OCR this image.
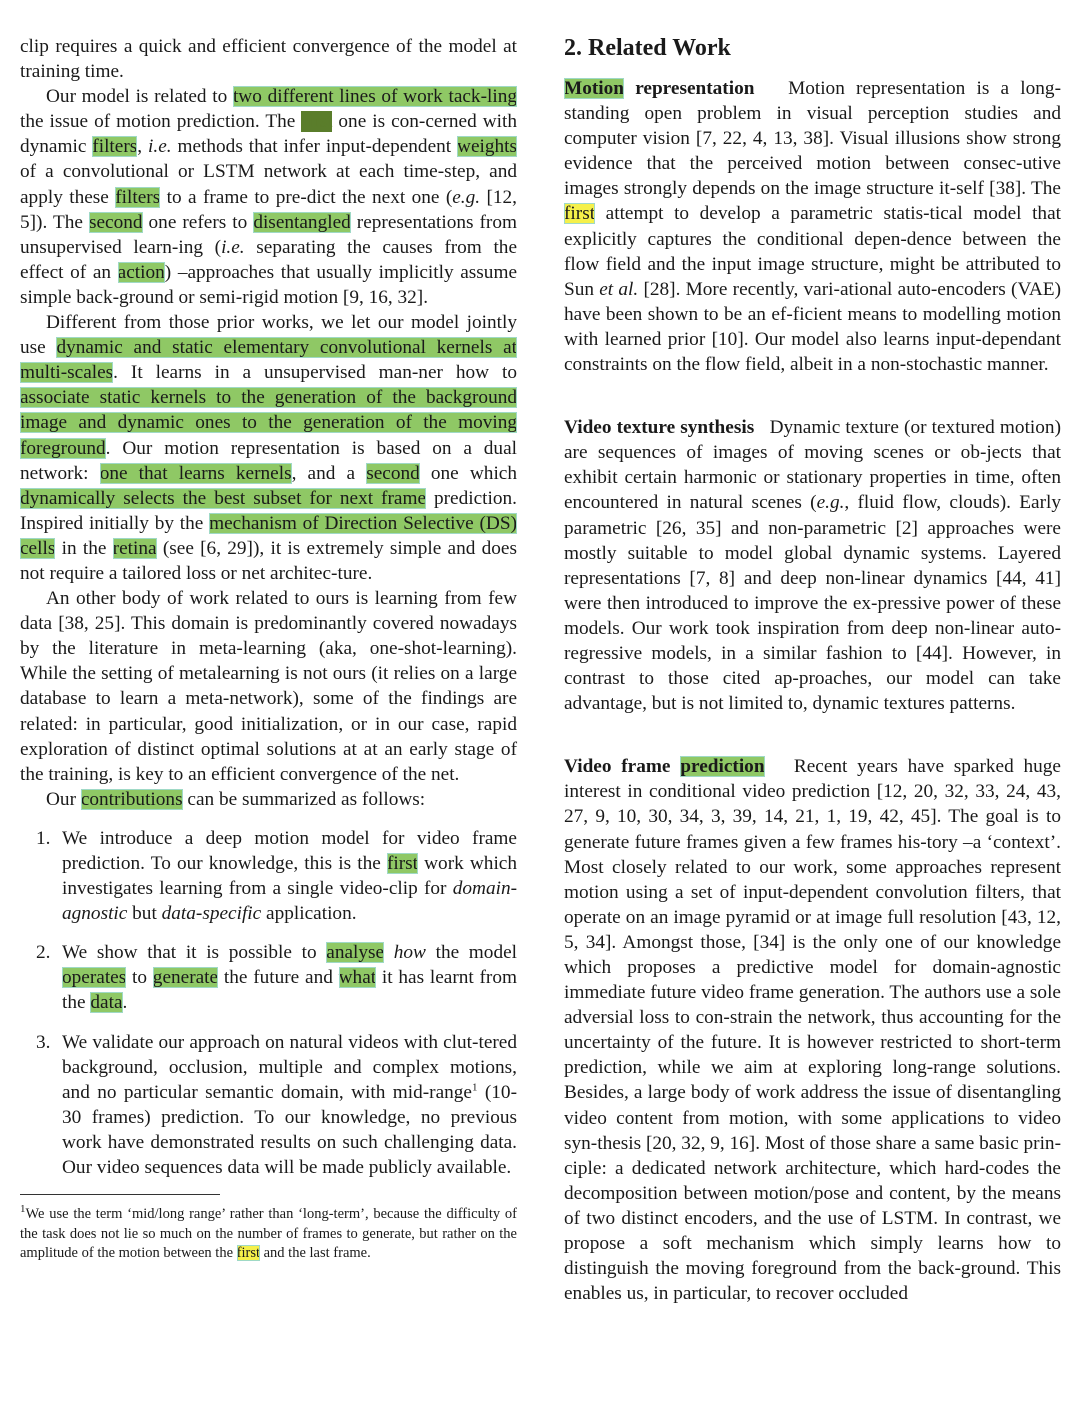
clip requires a quick and efficient convergence of the model at training time.

Our model is related to two different lines of work tack-ling the issue of motion prediction. The first one is con-cerned with dynamic filters, i.e. methods that infer input-dependent weights of a convolutional or LSTM network at each time-step, and apply these filters to a frame to pre-dict the next one (e.g. [12, 5]). The second one refers to disentangled representations from unsupervised learn-ing (i.e. separating the causes from the effect of an action) –approaches that usually implicitly assume simple back-ground or semi-rigid motion [9, 16, 32].

Different from those prior works, we let our model jointly use dynamic and static elementary convolutional kernels at multi-scales. It learns in a unsupervised man-ner how to associate static kernels to the generation of the background image and dynamic ones to the generation of the moving foreground. Our motion representation is based on a dual network: one that learns kernels, and a second one which dynamically selects the best subset for next frame prediction. Inspired initially by the mechanism of Direction Selective (DS) cells in the retina (see [6, 29]), it is extremely simple and does not require a tailored loss or net architec-ture.

An other body of work related to ours is learning from few data [38, 25]. This domain is predominantly covered nowadays by the literature in meta-learning (aka, one-shot-learning). While the setting of metalearning is not ours (it relies on a large database to learn a meta-network), some of the findings are related: in particular, good initialization, or in our case, rapid exploration of distinct optimal solutions at at an early stage of the training, is key to an efficient convergence of the net.

Our contributions can be summarized as follows:

1. We introduce a deep motion model for video frame prediction. To our knowledge, this is the first work which investigates learning from a single video-clip for domain-agnostic but data-specific application.
2. We show that it is possible to analyse how the model operates to generate the future and what it has learnt from the data.
3. We validate our approach on natural videos with clut-tered background, occlusion, multiple and complex motions, and no particular semantic domain, with mid-range$^1$ (10-30 frames) prediction. To our knowledge, no previous work have demonstrated results on such challenging data. Our video sequences data will be made publicly available.

$^1$We use the term ‘mid/long range’ rather than ‘long-term’, because the difficulty of the task does not lie so much on the number of frames to generate, but rather on the amplitude of the motion between the first and the last frame.

2. Related Work

Motion representation Motion representation is a long-standing open problem in visual perception studies and computer vision [7, 22, 4, 13, 38]. Visual illusions show strong evidence that the perceived motion between consec-utive images strongly depends on the image structure it-self [38]. The first attempt to develop a parametric statis-tical model that explicitly captures the conditional depen-dence between the flow field and the input image structure, might be attributed to Sun et al. [28]. More recently, vari-ational auto-encoders (VAE) have been shown to be an ef-ficient means to modelling motion with learned prior [10]. Our model also learns input-dependant constraints on the flow field, albeit in a non-stochastic manner.

Video texture synthesis Dynamic texture (or textured motion) are sequences of images of moving scenes or ob-jects that exhibit certain harmonic or stationary properties in time, often encountered in natural scenes (e.g., fluid flow, clouds). Early parametric [26, 35] and non-parametric [2] approaches were mostly suitable to model global dynamic systems. Layered representations [7, 8] and deep non-linear dynamics [44, 41] were then introduced to improve the ex-pressive power of these models. Our work took inspiration from deep non-linear auto-regressive models, in a similar fashion to [44]. However, in contrast to those cited ap-proaches, our model can take advantage, but is not limited to, dynamic textures patterns.

Video frame prediction Recent years have sparked huge interest in conditional video prediction [12, 20, 32, 33, 24, 43, 27, 9, 10, 30, 34, 3, 39, 14, 21, 1, 19, 42, 45]. The goal is to generate future frames given a few frames his-tory –a ‘context’. Most closely related to our work, some approaches represent motion using a set of input-dependent convolution filters, that operate on an image pyramid or at image full resolution [43, 12, 5, 34]. Amongst those, [34] is the only one of our knowledge which proposes a predictive model for domain-agnostic immediate future video frame generation. The authors use a sole adversial loss to con-strain the network, thus accounting for the uncertainty of the future. It is however restricted to short-term prediction, while we aim at exploring long-range solutions. Besides, a large body of work address the issue of disentangling video content from motion, with some applications to video syn-thesis [20, 32, 9, 16]. Most of those share a same basic prin-ciple: a dedicated network architecture, which hard-codes the decomposition between motion/pose and content, by the means of two distinct encoders, and the use of LSTM. In contrast, we propose a soft mechanism which simply learns how to distinguish the moving foreground from the back-ground. This enables us, in particular, to recover occluded
